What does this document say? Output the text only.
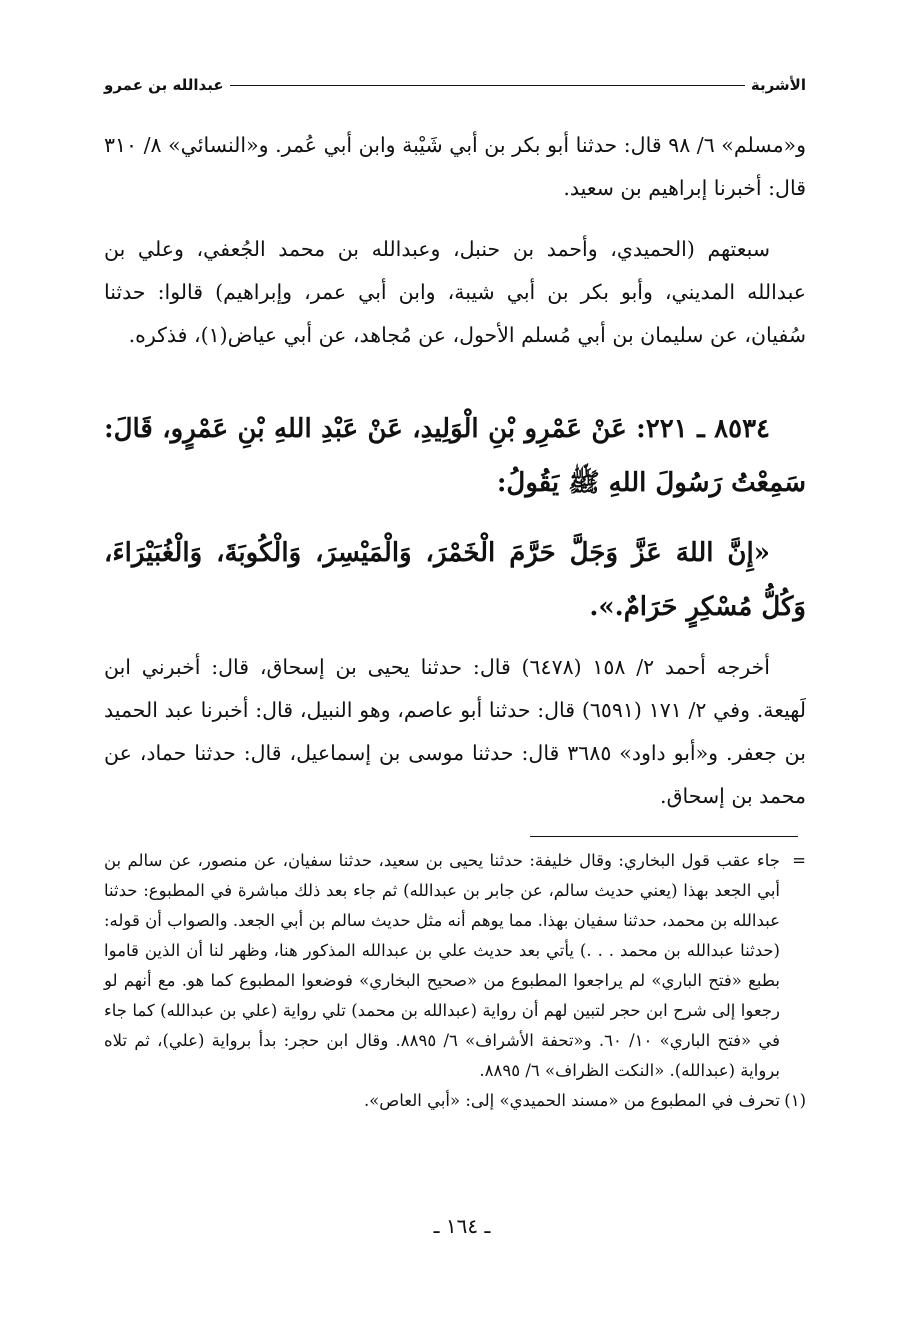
الأشربة
عبدالله بن عمرو

و«مسلم» ٦/ ٩٨ قال: حدثنا أبو بكر بن أبي شَيْبة وابن أبي عُمر. و«النسائي» ٨/ ٣١٠ قال: أخبرنا إبراهيم بن سعيد.

سبعتهم (الحميدي، وأحمد بن حنبل، وعبدالله بن محمد الجُعفي، وعلي بن عبدالله المديني، وأبو بكر بن أبي شيبة، وابن أبي عمر، وإبراهيم) قالوا: حدثنا سُفيان، عن سليمان بن أبي مُسلم الأحول، عن مُجاهد، عن أبي عياض(١)، فذكره.

٨٥٣٤ ـ ٢٢١: عَنْ عَمْرِو بْنِ الْوَلِيدِ، عَنْ عَبْدِ اللهِ بْنِ عَمْرٍو، قَالَ: سَمِعْتُ رَسُولَ اللهِ ﷺ يَقُولُ:

«إِنَّ اللهَ عَزَّ وَجَلَّ حَرَّمَ الْخَمْرَ، وَالْمَيْسِرَ، وَالْكُوبَةَ، وَالْغُبَيْرَاءَ، وَكُلُّ مُسْكِرٍ حَرَامٌ.».

أخرجه أحمد ٢/ ١٥٨ (٦٤٧٨) قال: حدثنا يحيى بن إسحاق، قال: أخبرني ابن لَهيعة. وفي ٢/ ١٧١ (٦٥٩١) قال: حدثنا أبو عاصم، وهو النبيل، قال: أخبرنا عبد الحميد بن جعفر. و«أبو داود» ٣٦٨٥ قال: حدثنا موسى بن إسماعيل، قال: حدثنا حماد، عن محمد بن إسحاق.

=
جاء عقب قول البخاري: وقال خليفة: حدثنا يحيى بن سعيد، حدثنا سفيان، عن منصور، عن سالم بن أبي الجعد بهذا (يعني حديث سالم، عن جابر بن عبدالله) ثم جاء بعد ذلك مباشرة في المطبوع: حدثنا عبدالله بن محمد، حدثنا سفيان بهذا. مما يوهم أنه مثل حديث سالم بن أبي الجعد. والصواب أن قوله: (حدثنا عبدالله بن محمد . . .) يأتي بعد حديث علي بن عبدالله المذكور هنا، وظهر لنا أن الذين قاموا بطبع «فتح الباري» لم يراجعوا المطبوع من «صحيح البخاري» فوضعوا المطبوع كما هو. مع أنهم لو رجعوا إلى شرح ابن حجر لتبين لهم أن رواية (عبدالله بن محمد) تلي رواية (علي بن عبدالله) كما جاء في «فتح الباري» ١٠/ ٦٠. و«تحفة الأشراف» ٦/ ٨٨٩٥. وقال ابن حجر: بدأ برواية (علي)، ثم تلاه برواية (عبدالله). «النكت الظراف» ٦/ ٨٨٩٥.

(١)
تحرف في المطبوع من «مسند الحميدي» إلى: «أبي العاص».

ـ ١٦٤ ـ
